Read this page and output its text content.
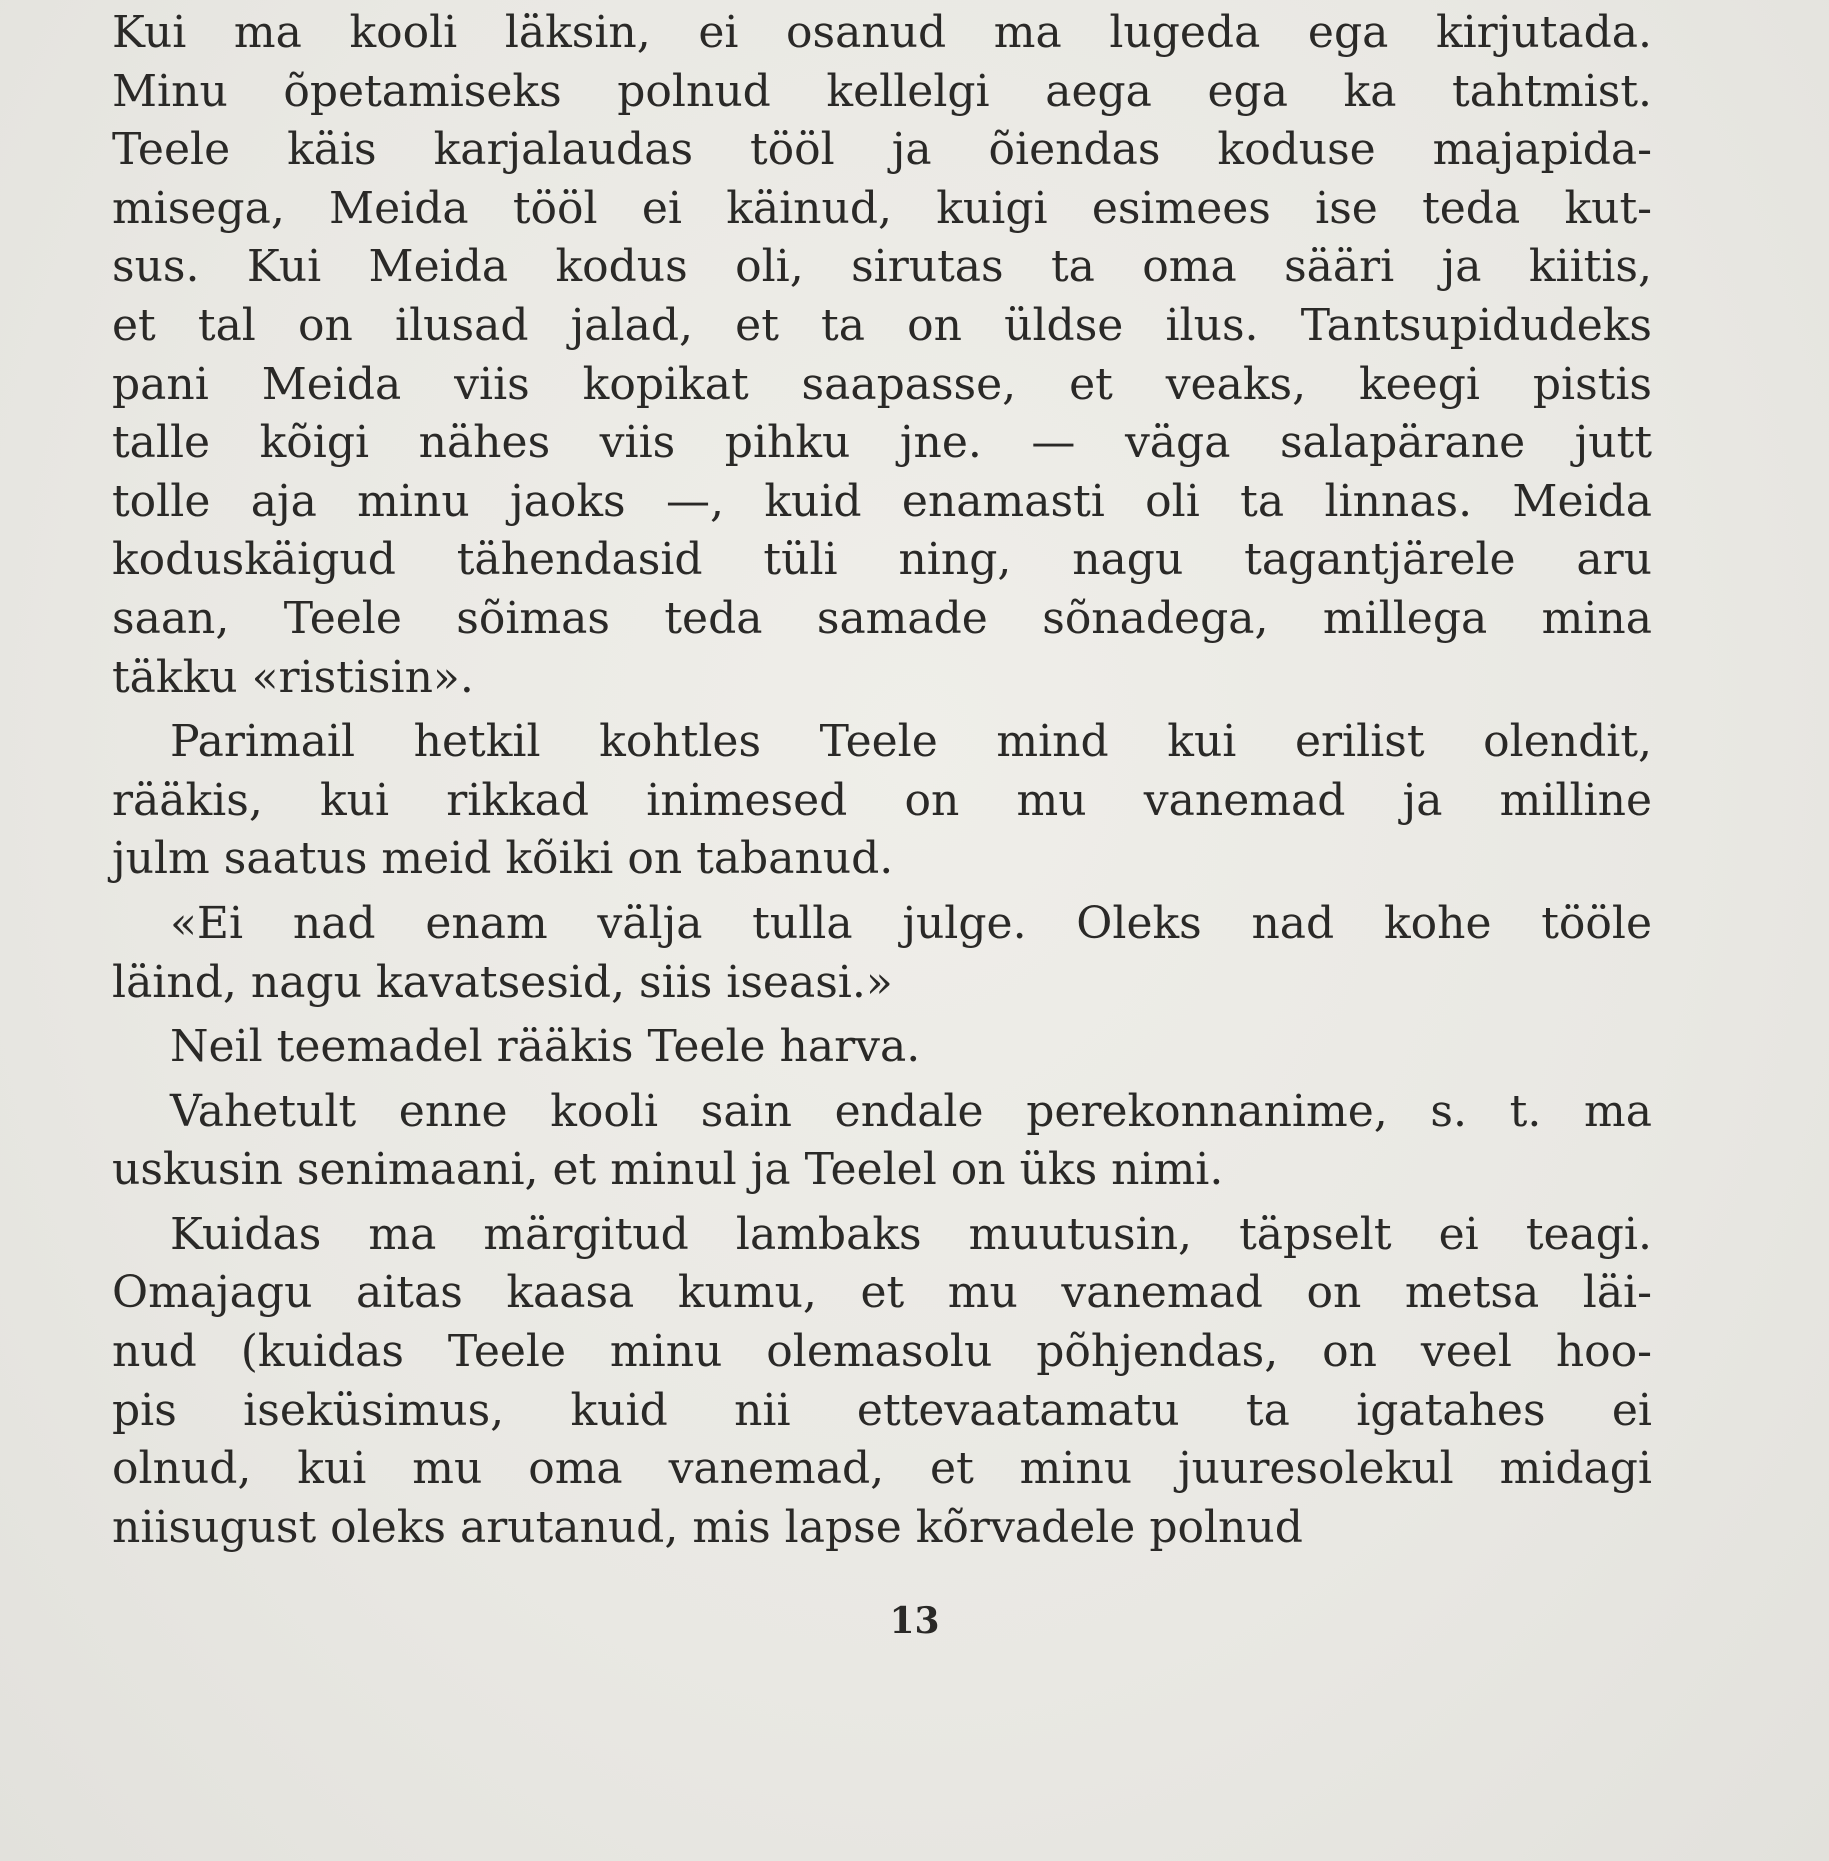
Kui ma kooli läksin, ei osanud ma lugeda ega kirjutada.
Minu õpetamiseks polnud kellelgi aega ega ka tahtmist.
Teele käis karjalaudas tööl ja õiendas koduse majapida-
misega, Meida tööl ei käinud, kuigi esimees ise teda kut-
sus. Kui Meida kodus oli, sirutas ta oma sääri ja kiitis,
et tal on ilusad jalad, et ta on üldse ilus. Tantsupidudeks
pani Meida viis kopikat saapasse, et veaks, keegi pistis
talle kõigi nähes viis pihku jne. — väga salapärane jutt
tolle aja minu jaoks —, kuid enamasti oli ta linnas. Meida
koduskäigud tähendasid tüli ning, nagu tagantjärele aru
saan, Teele sõimas teda samade sõnadega, millega mina
täkku «ristisin».
Parimail hetkil kohtles Teele mind kui erilist olendit,
rääkis, kui rikkad inimesed on mu vanemad ja milline
julm saatus meid kõiki on tabanud.
«Ei nad enam välja tulla julge. Oleks nad kohe tööle
läind, nagu kavatsesid, siis iseasi.»
Neil teemadel rääkis Teele harva.
Vahetult enne kooli sain endale perekonnanime, s. t. ma
uskusin senimaani, et minul ja Teelel on üks nimi.
Kuidas ma märgitud lambaks muutusin, täpselt ei teagi.
Omajagu aitas kaasa kumu, et mu vanemad on metsa läi-
nud (kuidas Teele minu olemasolu põhjendas, on veel hoo-
pis iseküsimus, kuid nii ettevaatamatu ta igatahes ei
olnud, kui mu oma vanemad, et minu juuresolekul midagi
niisugust oleks arutanud, mis lapse kõrvadele polnud
13
